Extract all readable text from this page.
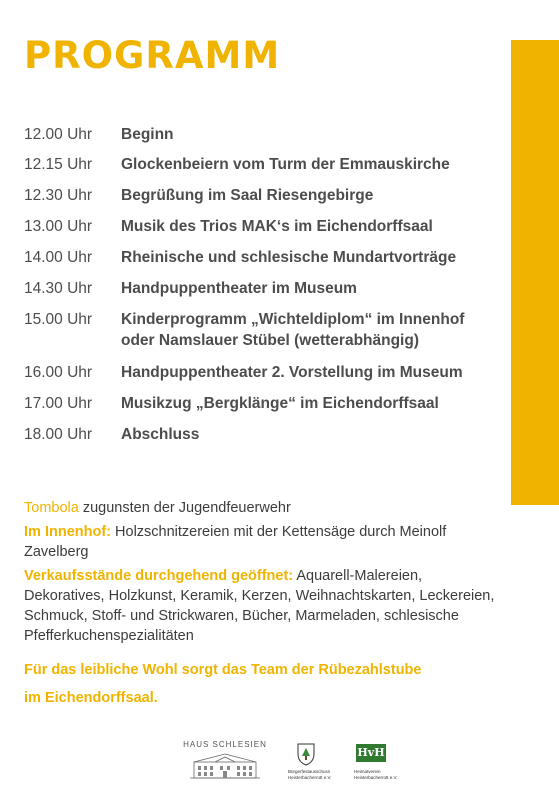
PROGRAMM
12.00 Uhr	Beginn
12.15 Uhr	Glockenbeiern vom Turm der Emmauskirche
12.30 Uhr	Begrüßung im Saal Riesengebirge
13.00 Uhr	Musik des Trios MAK‘s im Eichendorffsaal
14.00 Uhr	Rheinische und schlesische Mundartvorträge
14.30 Uhr	Handpuppentheater im Museum
15.00 Uhr	Kinderprogramm „Wichteldiplom“ im Innenhof
oder Namslauer Stübel (wetterabhängig)
16.00 Uhr	Handpuppentheater 2. Vorstellung im Museum
17.00 Uhr	Musikzug „Bergklänge“ im Eichendorffsaal
18.00 Uhr	Abschluss

Tombola zugunsten der Jugendfeuerwehr

Im Innenhof: Holzschnitzereien mit der Kettensäge durch Meinolf Zavelberg

Verkaufsstände durchgehend geöffnet: Aquarell-Malereien, Dekoratives, Holzkunst, Keramik, Kerzen, Weihnachtskarten, Leckereien, Schmuck, Stoff- und Strickwaren, Bücher, Marmeladen, schlesische Pfefferkuchenspezialitäten

Für das leibliche Wohl sorgt das Team der Rübezahlstube
im Eichendorffsaal.
HAUS SCHLESIEN
Bürgerfestausschuss
Heisterbacherrott e.V.
HvH
Heimatverein
Heisterbacherrott e.V.
